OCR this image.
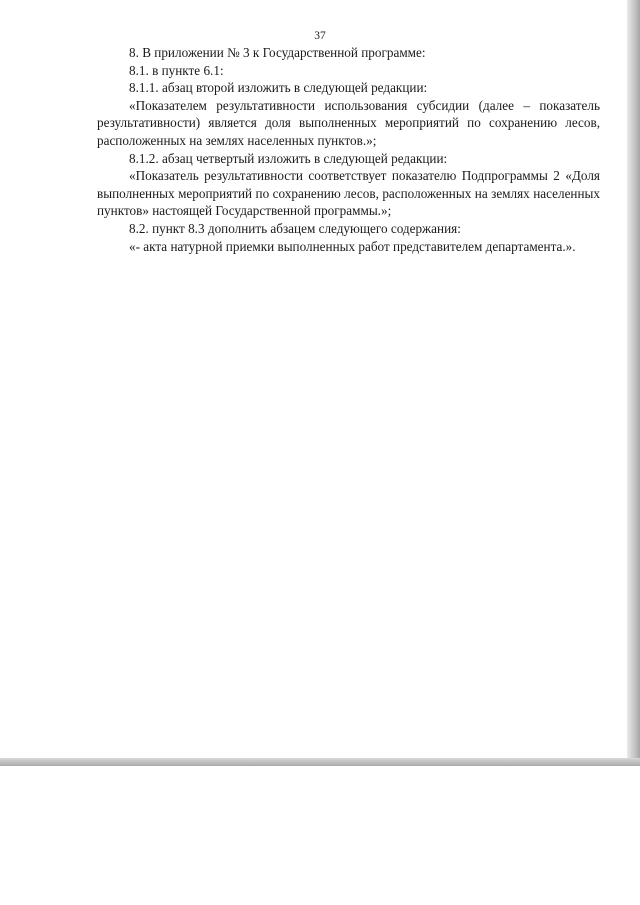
37

8. В приложении № 3 к Государственной программе:

8.1. в пункте 6.1:

8.1.1. абзац второй изложить в следующей редакции:

«Показателем результативности использования субсидии (далее – показатель результативности) является доля выполненных мероприятий по сохранению лесов, расположенных на землях населенных пунктов.»;

8.1.2. абзац четвертый изложить в следующей редакции:

«Показатель результативности соответствует показателю Подпрограммы 2 «Доля выполненных мероприятий по сохранению лесов, расположенных на землях населенных пунктов» настоящей Государственной программы.»;

8.2. пункт 8.3 дополнить абзацем следующего содержания:

«- акта натурной приемки выполненных работ представителем департамента.».
